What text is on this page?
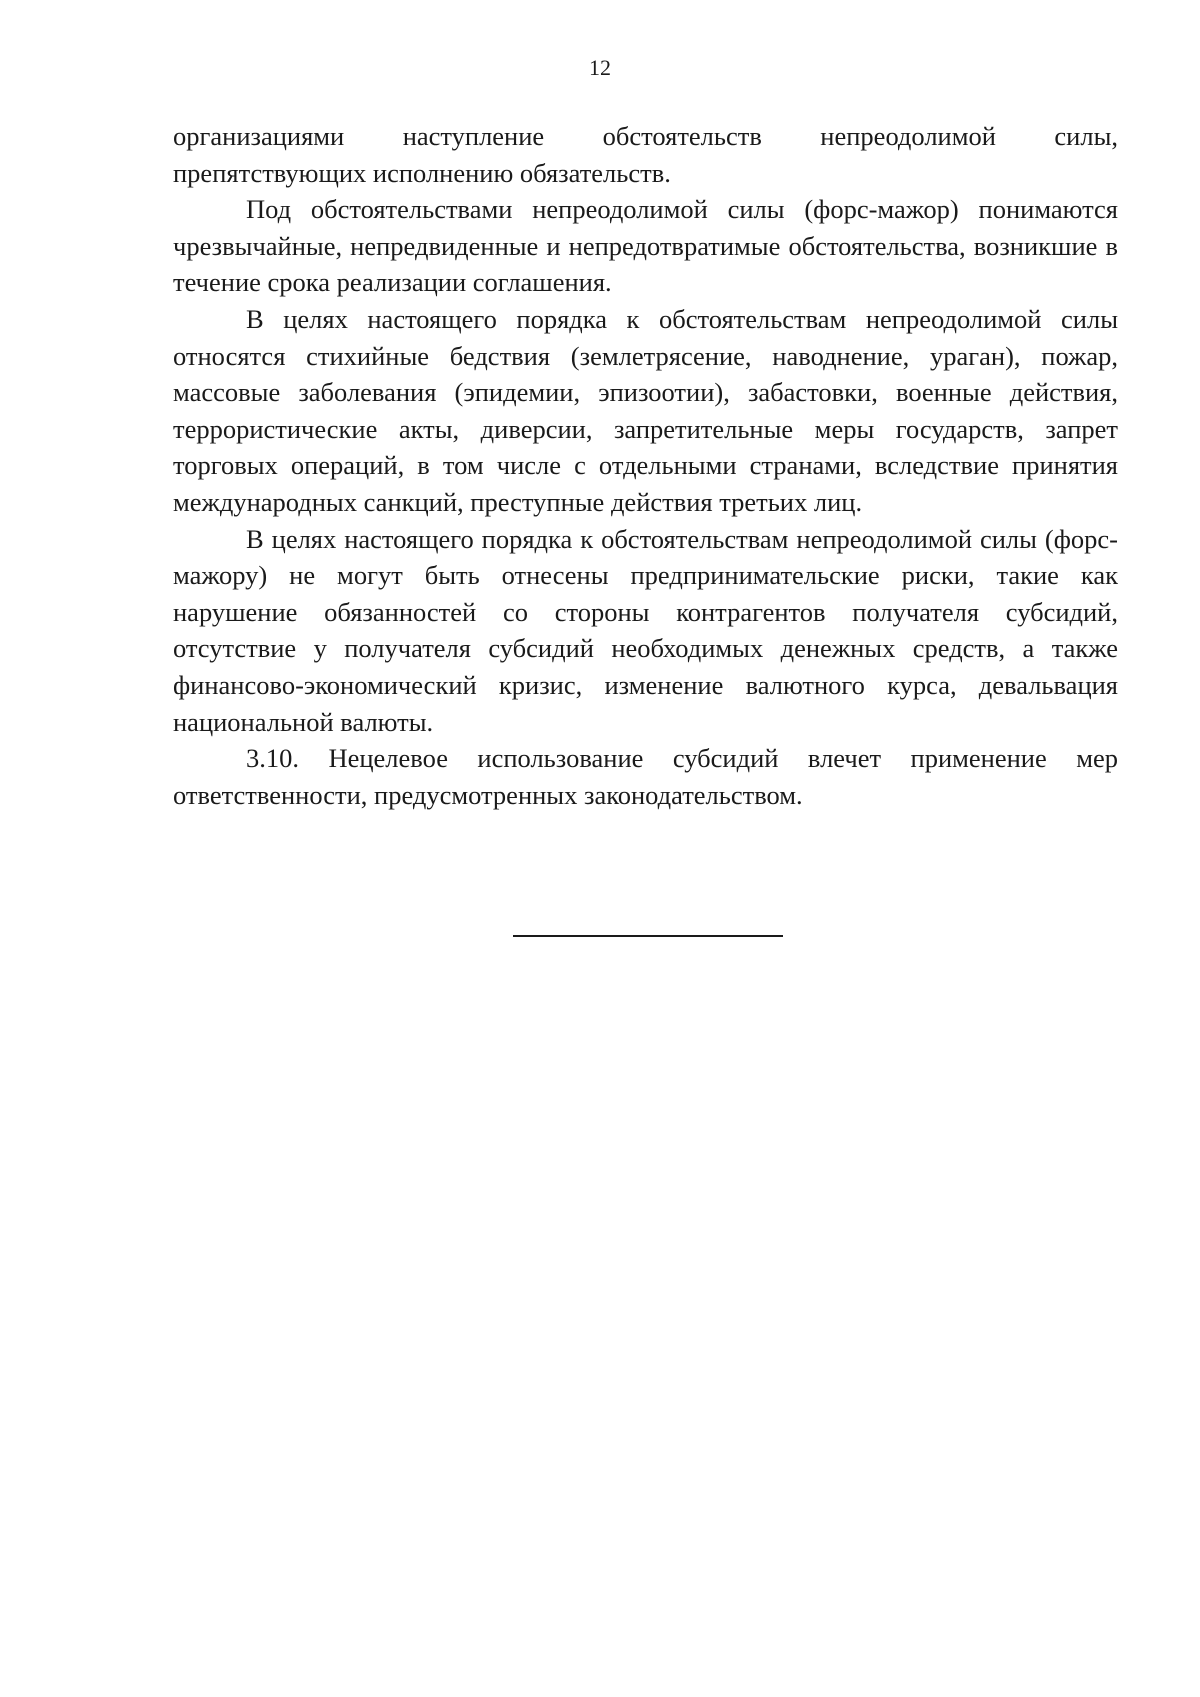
12

организациями наступление обстоятельств непреодолимой силы,
препятствующих исполнению обязательств.

Под обстоятельствами непреодолимой силы (форс-мажор) понимаются чрезвычайные, непредвиденные и непредотвратимые обстоятельства, возникшие в течение срока реализации соглашения.

В целях настоящего порядка к обстоятельствам непреодолимой силы относятся стихийные бедствия (землетрясение, наводнение, ураган), пожар, массовые заболевания (эпидемии, эпизоотии), забастовки, военные действия, террористические акты, диверсии, запретительные меры государств, запрет торговых операций, в том числе с отдельными странами, вследствие принятия международных санкций, преступные действия третьих лиц.

В целях настоящего порядка к обстоятельствам непреодолимой силы (форс-мажору) не могут быть отнесены предпринимательские риски, такие как нарушение обязанностей со стороны контрагентов получателя субсидий, отсутствие у получателя субсидий необходимых денежных средств, а также финансово-экономический кризис, изменение валютного курса, девальвация национальной валюты.

3.10. Нецелевое использование субсидий влечет применение мер ответственности, предусмотренных законодательством.
